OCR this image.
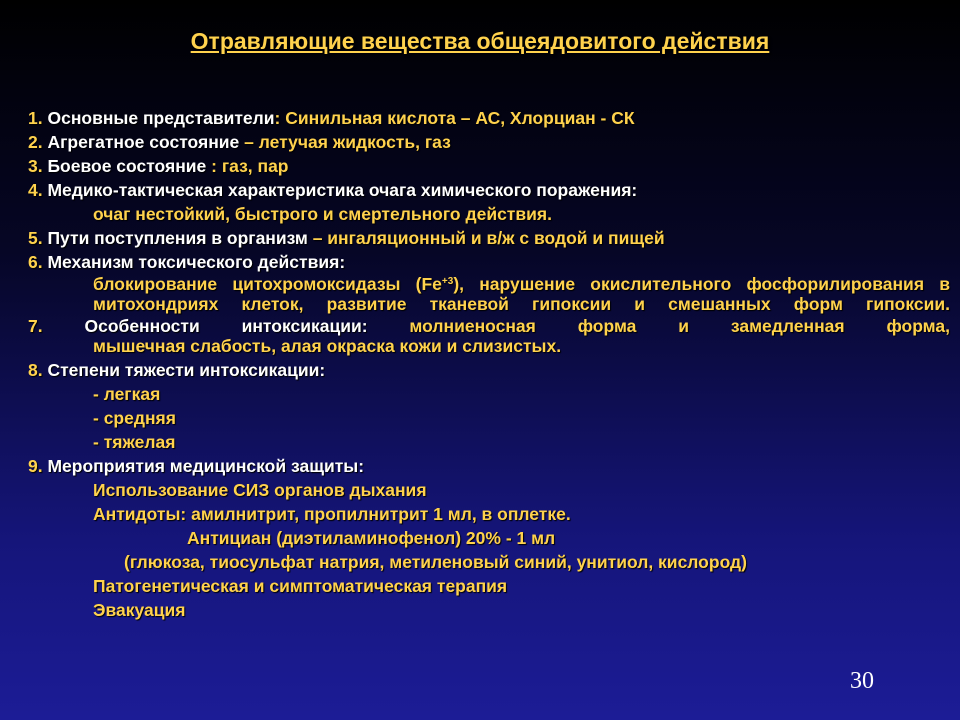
Отравляющие вещества общеядовитого действия
1. Основные представители: Синильная кислота – АС, Хлорциан - СК
2. Агрегатное состояние – летучая жидкость, газ
3. Боевое состояние : газ, пар
4. Медико-тактическая характеристика очага химического поражения:
очаг нестойкий, быстрого и смертельного действия.
5. Пути поступления в организм – ингаляционный и в/ж с водой и пищей
6. Механизм токсического действия:
блокирование цитохромоксидазы $(Fe^{+3})$, нарушение окислительного фосфорилирования в митохондриях клеток, развитие тканевой гипоксии и смешанных форм гипоксии.
7. Особенности интоксикации: молниеносная форма и замедленная форма,
мышечная слабость, алая окраска кожи и слизистых.
8. Степени тяжести интоксикации:
- легкая
- средняя
- тяжелая
9. Мероприятия медицинской защиты:
Использование СИЗ органов дыхания
Антидоты: амилнитрит, пропилнитрит 1 мл, в оплетке.
Антициан (диэтиламинофенол) 20% - 1 мл
(глюкоза, тиосульфат натрия, метиленовый синий, унитиол, кислород)
Патогенетическая и симптоматическая терапия
Эвакуация
30
